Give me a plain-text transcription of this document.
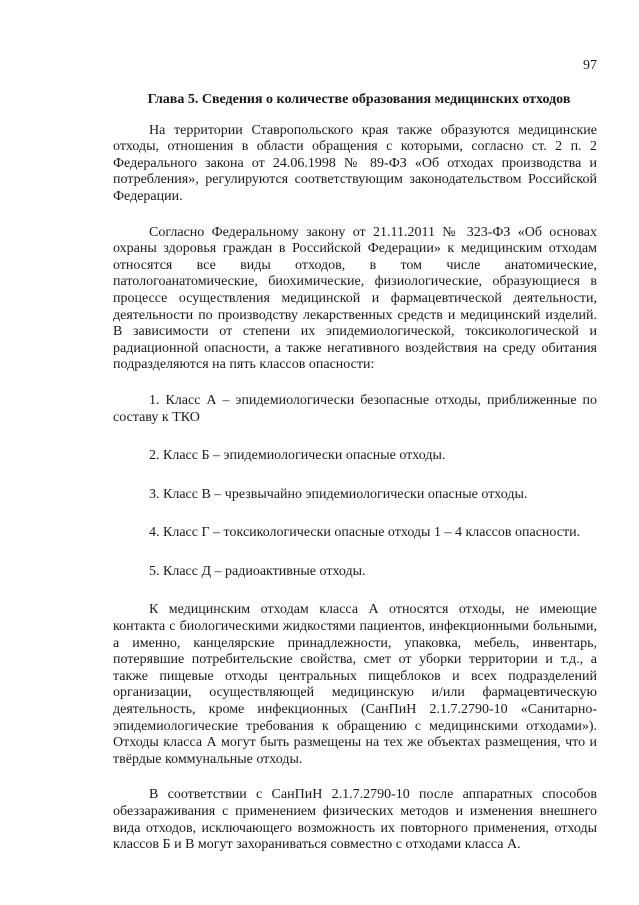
97
Глава 5. Сведения о количестве образования медицинских отходов

На территории Ставропольского края также образуются медицинские отходы, отношения в области обращения с которыми, согласно ст. 2 п. 2 Федерального закона от 24.06.1998 № 89-ФЗ «Об отходах производства и потребления», регулируются соответствующим законодательством Российской Федерации.

Согласно Федеральному закону от 21.11.2011 № 323-ФЗ «Об основах охраны здоровья граждан в Российской Федерации» к медицинским отходам относятся все виды отходов, в том числе анатомические, патологоанатомические, биохимические, физиологические, образующиеся в процессе осуществления медицинской и фармацевтической деятельности, деятельности по производству лекарственных средств и медицинский изделий. В зависимости от степени их эпидемиологической, токсикологической и радиационной опасности, а также негативного воздействия на среду обитания подразделяются на пять классов опасности:

1. Класс А – эпидемиологически безопасные отходы, приближенные по составу к ТКО

2. Класс Б – эпидемиологически опасные отходы.

3. Класс В – чрезвычайно эпидемиологически опасные отходы.

4. Класс Г – токсикологически опасные отходы 1 – 4 классов опасности.

5. Класс Д – радиоактивные отходы.

К медицинским отходам класса А относятся отходы, не имеющие контакта с биологическими жидкостями пациентов, инфекционными больными, а именно, канцелярские принадлежности, упаковка, мебель, инвентарь, потерявшие потребительские свойства, смет от уборки территории и т.д., а также пищевые отходы центральных пищеблоков и всех подразделений организации, осуществляющей медицинскую и/или фармацевтическую деятельность, кроме инфекционных (СанПиН 2.1.7.2790-10 «Санитарно-эпидемиологические требования к обращению с медицинскими отходами»). Отходы класса А могут быть размещены на тех же объектах размещения, что и твёрдые коммунальные отходы.

В соответствии с СанПиН 2.1.7.2790-10 после аппаратных способов обеззараживания с применением физических методов и изменения внешнего вида отходов, исключающего возможность их повторного применения, отходы классов Б и В могут захораниваться совместно с отходами класса А.
